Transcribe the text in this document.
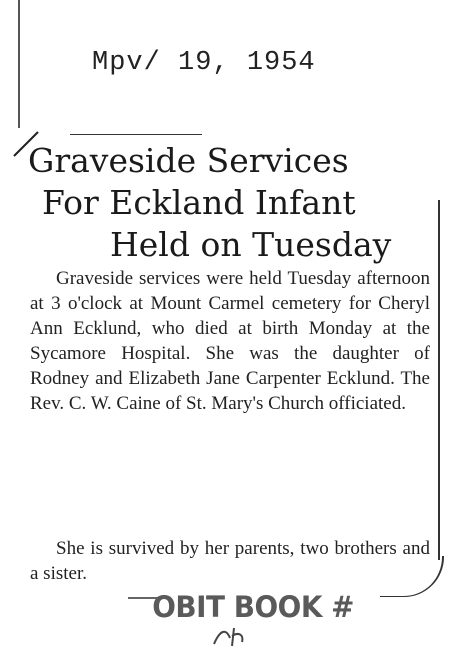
Mpv/ 19, 1954
Graveside Services
For Eckland Infant
Held on Tuesday

Graveside services were held Tuesday afternoon at 3 o'clock at Mount Carmel cemetery for Cheryl Ann Ecklund, who died at birth Monday at the Sycamore Hospital. She was the daughter of Rodney and Elizabeth Jane Carpenter Ecklund. The Rev. C. W. Caine of St. Mary's Church officiated.

She is survived by her parents, two brothers and a sister.

OBIT BOOK #
